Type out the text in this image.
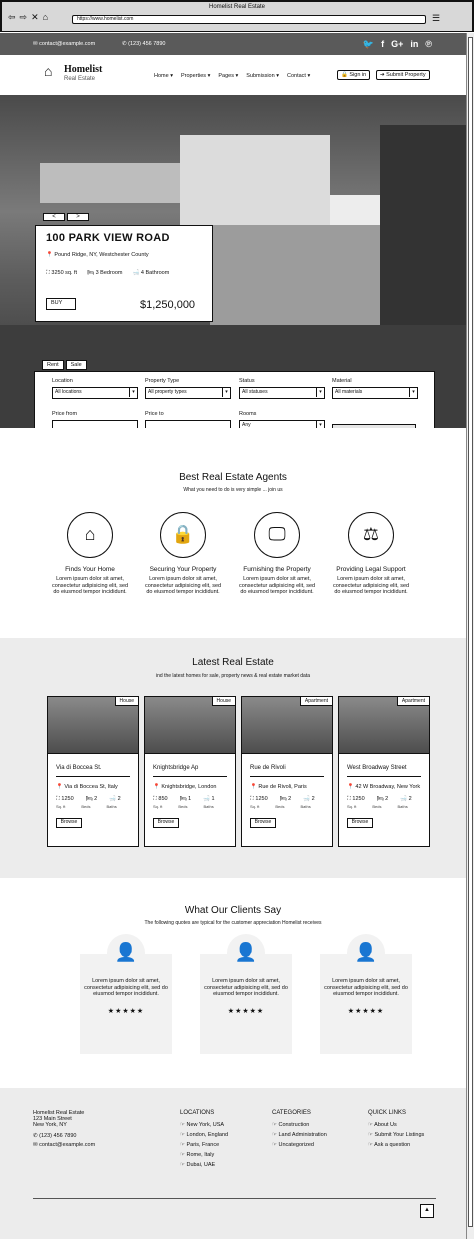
Homelist Real Estate
⇦ ⇨ ✕ ⌂	https://www.homelist.com	☰
✉ contact@example.com	✆ (123) 456 7890	🐦 f G+ in ℗
⌂	Homelist
Real Estate	Home ▾ Properties ▾ Pages ▾ Submission ▾ Contact ▾	🔒 Sign in	➔ Submit Property
<	>
100 PARK VIEW ROAD
📍 Pound Ridge, NY, Westchester County
⛶ 3250 sq. ft 🛏 3 Bedroom 🛁 4 Bathroom
BUY	$1,250,000
Rent	Sale
Location
All locations	▾
Property Type
All property types	▾
Status
All statuses	▾
Material
All materials	▾
Price from	Price to	Rooms
Any	▾
Best Real Estate Agents
What you need to do is very simple ... join us
⌂
Finds Your Home
Lorem ipsum dolor sit amet, consectetur adipisicing elit, sed do eiusmod tempor incididunt.
🔒
Securing Your Property
Lorem ipsum dolor sit amet, consectetur adipisicing elit, sed do eiusmod tempor incididunt.
🖵
Furnishing the Property
Lorem ipsum dolor sit amet, consectetur adipisicing elit, sed do eiusmod tempor incididunt.
⚖
Providing Legal Support
Lorem ipsum dolor sit amet, consectetur adipisicing elit, sed do eiusmod tempor incididunt.
Latest Real Estate
ind the latest homes for sale, property news & real estate market data
House
Via di Boccea St.
📍 Via di Boccea St, Italy
⛶ 1250 🛏 2 🛁 2
Sq. ft	Beds	Baths
Browse
House
Knightsbridge Ap
📍 Knightsbridge, London
⛶ 850 🛏 1 🛁 1
Sq. ft	Beds	Baths
Browse
Apartment
Rue de Rivoli
📍 Rue de Rivoli, Paris
⛶ 1250 🛏 2 🛁 2
Sq. ft	Beds	Baths
Browse
Apartment
West Broadway Street
📍 42 W Broadway, New York
⛶ 1250 🛏 2 🛁 2
Sq. ft	Beds	Baths
Browse
What Our Clients Say
The following quotes are typical for the customer appreciation Homelist receives
👤
Lorem ipsum dolor sit amet, consectetur adipisicing elit, sed do eiusmod tempor incididunt.
★★★★★
👤
Lorem ipsum dolor sit amet, consectetur adipisicing elit, sed do eiusmod tempor incididunt.
★★★★★
👤
Lorem ipsum dolor sit amet, consectetur adipisicing elit, sed do eiusmod tempor incididunt.
★★★★★
Homelist Real Estate
123 Main Street
New York, NY
✆ (123) 456 7890
✉ contact@example.com
LOCATIONS
☞ New York, USA
☞ London, England
☞ Paris, France
☞ Rome, Italy
☞ Dubai, UAE
CATEGORIES
☞ Construction
☞ Land Administration
☞ Uncategorized
QUICK LINKS
☞ About Us
☞ Submit Your Listings
☞ Ask a question
▲
